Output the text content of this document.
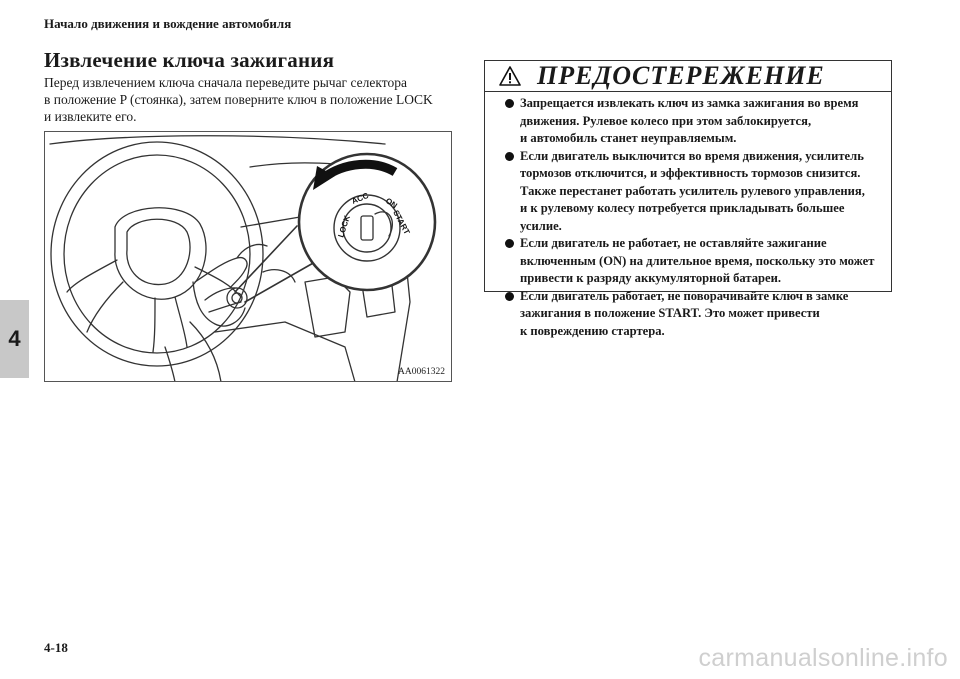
Начало движения и вождение автомобиля
Извлечение ключа зажигания

Перед извлечением ключа сначала переведите рычаг селектора

в положение P (стоянка), затем поверните ключ в положение LOCK

и извлеките его.

4
LOCK
ACC ON
START
AA0061322
ПРЕДОСТЕРЕЖЕНИЕ
Запрещается извлекать ключ из замка зажигания во время
движения. Рулевое колесо при этом заблокируется,
и автомобиль станет неуправляемым.
Если двигатель выключится во время движения, усилитель
тормозов отключится, и эффективность тормозов снизится.
Также перестанет работать усилитель рулевого управления,
и к рулевому колесу потребуется прикладывать большее усилие.
Если двигатель не работает, не оставляйте зажигание
включенным (ON) на длительное время, поскольку это может
привести к разряду аккумуляторной батареи.
Если двигатель работает, не поворачивайте ключ в замке
зажигания в положение START. Это может привести
к повреждению стартера.
4-18	carmanualsonline.info
